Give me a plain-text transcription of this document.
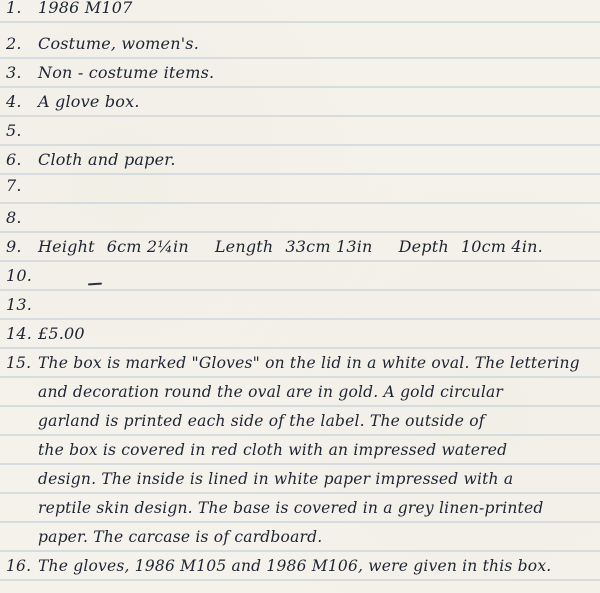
1. 1986 M107
2. Costume, women's.
3. Non - costume items.
4. A glove box.
5.
6. Cloth and paper.
7.
8.
9. Height 6cm 2¼in Length 33cm 13in Depth 10cm 4in.
10.
13.
14. £5.00
15. The box is marked "Gloves" on the lid in a white oval. The lettering
and decoration round the oval are in gold. A gold circular
garland is printed each side of the label. The outside of
the box is covered in red cloth with an impressed watered
design. The inside is lined in white paper impressed with a
reptile skin design. The base is covered in a grey linen-printed
paper. The carcase is of cardboard.
16. The gloves, 1986 M105 and 1986 M106, were given in this box.
